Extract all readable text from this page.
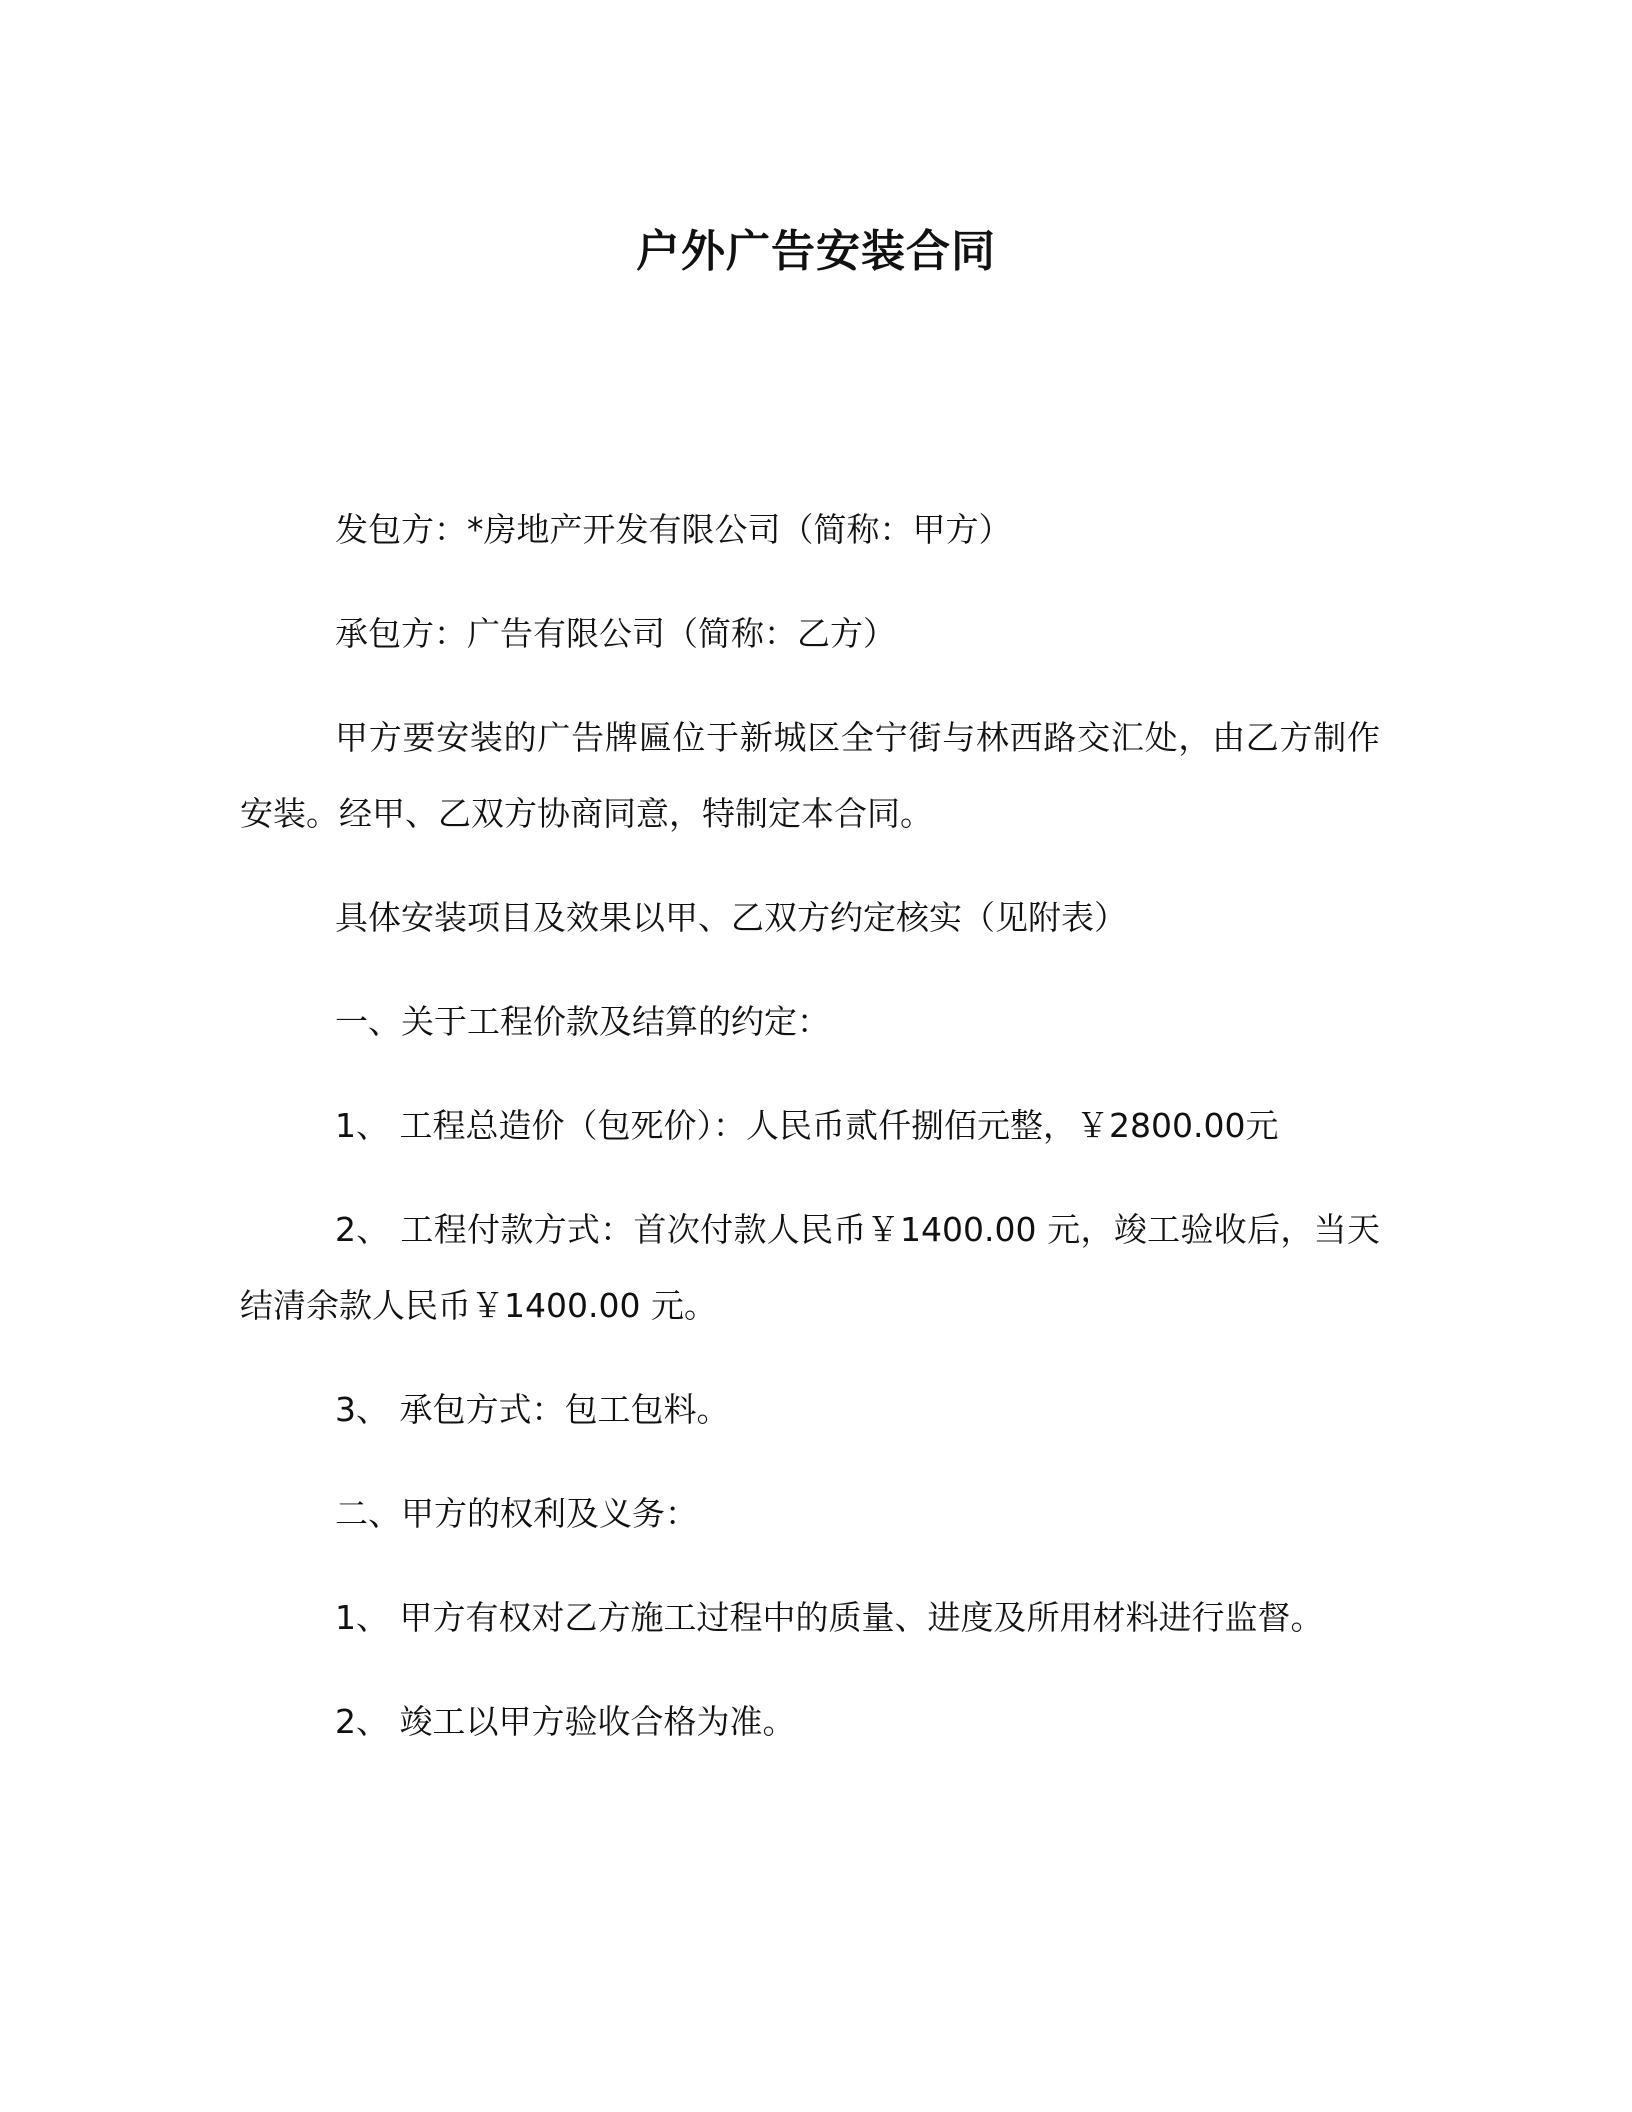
户外广告安装合同

发包方：*房地产开发有限公司（简称：甲方）

承包方：广告有限公司（简称：乙方）

甲方要安装的广告牌匾位于新城区全宁街与林西路交汇处，由乙方制作安装。经甲、乙双方协商同意，特制定本合同。

具体安装项目及效果以甲、乙双方约定核实（见附表）

一、关于工程价款及结算的约定：

1、 工程总造价（包死价）：人民币贰仟捌佰元整，￥2800.00元

2、 工程付款方式：首次付款人民币￥1400.00 元，竣工验收后，当天结清余款人民币￥1400.00 元。

3、 承包方式：包工包料。

二、甲方的权利及义务：

1、 甲方有权对乙方施工过程中的质量、进度及所用材料进行监督。

2、 竣工以甲方验收合格为准。
